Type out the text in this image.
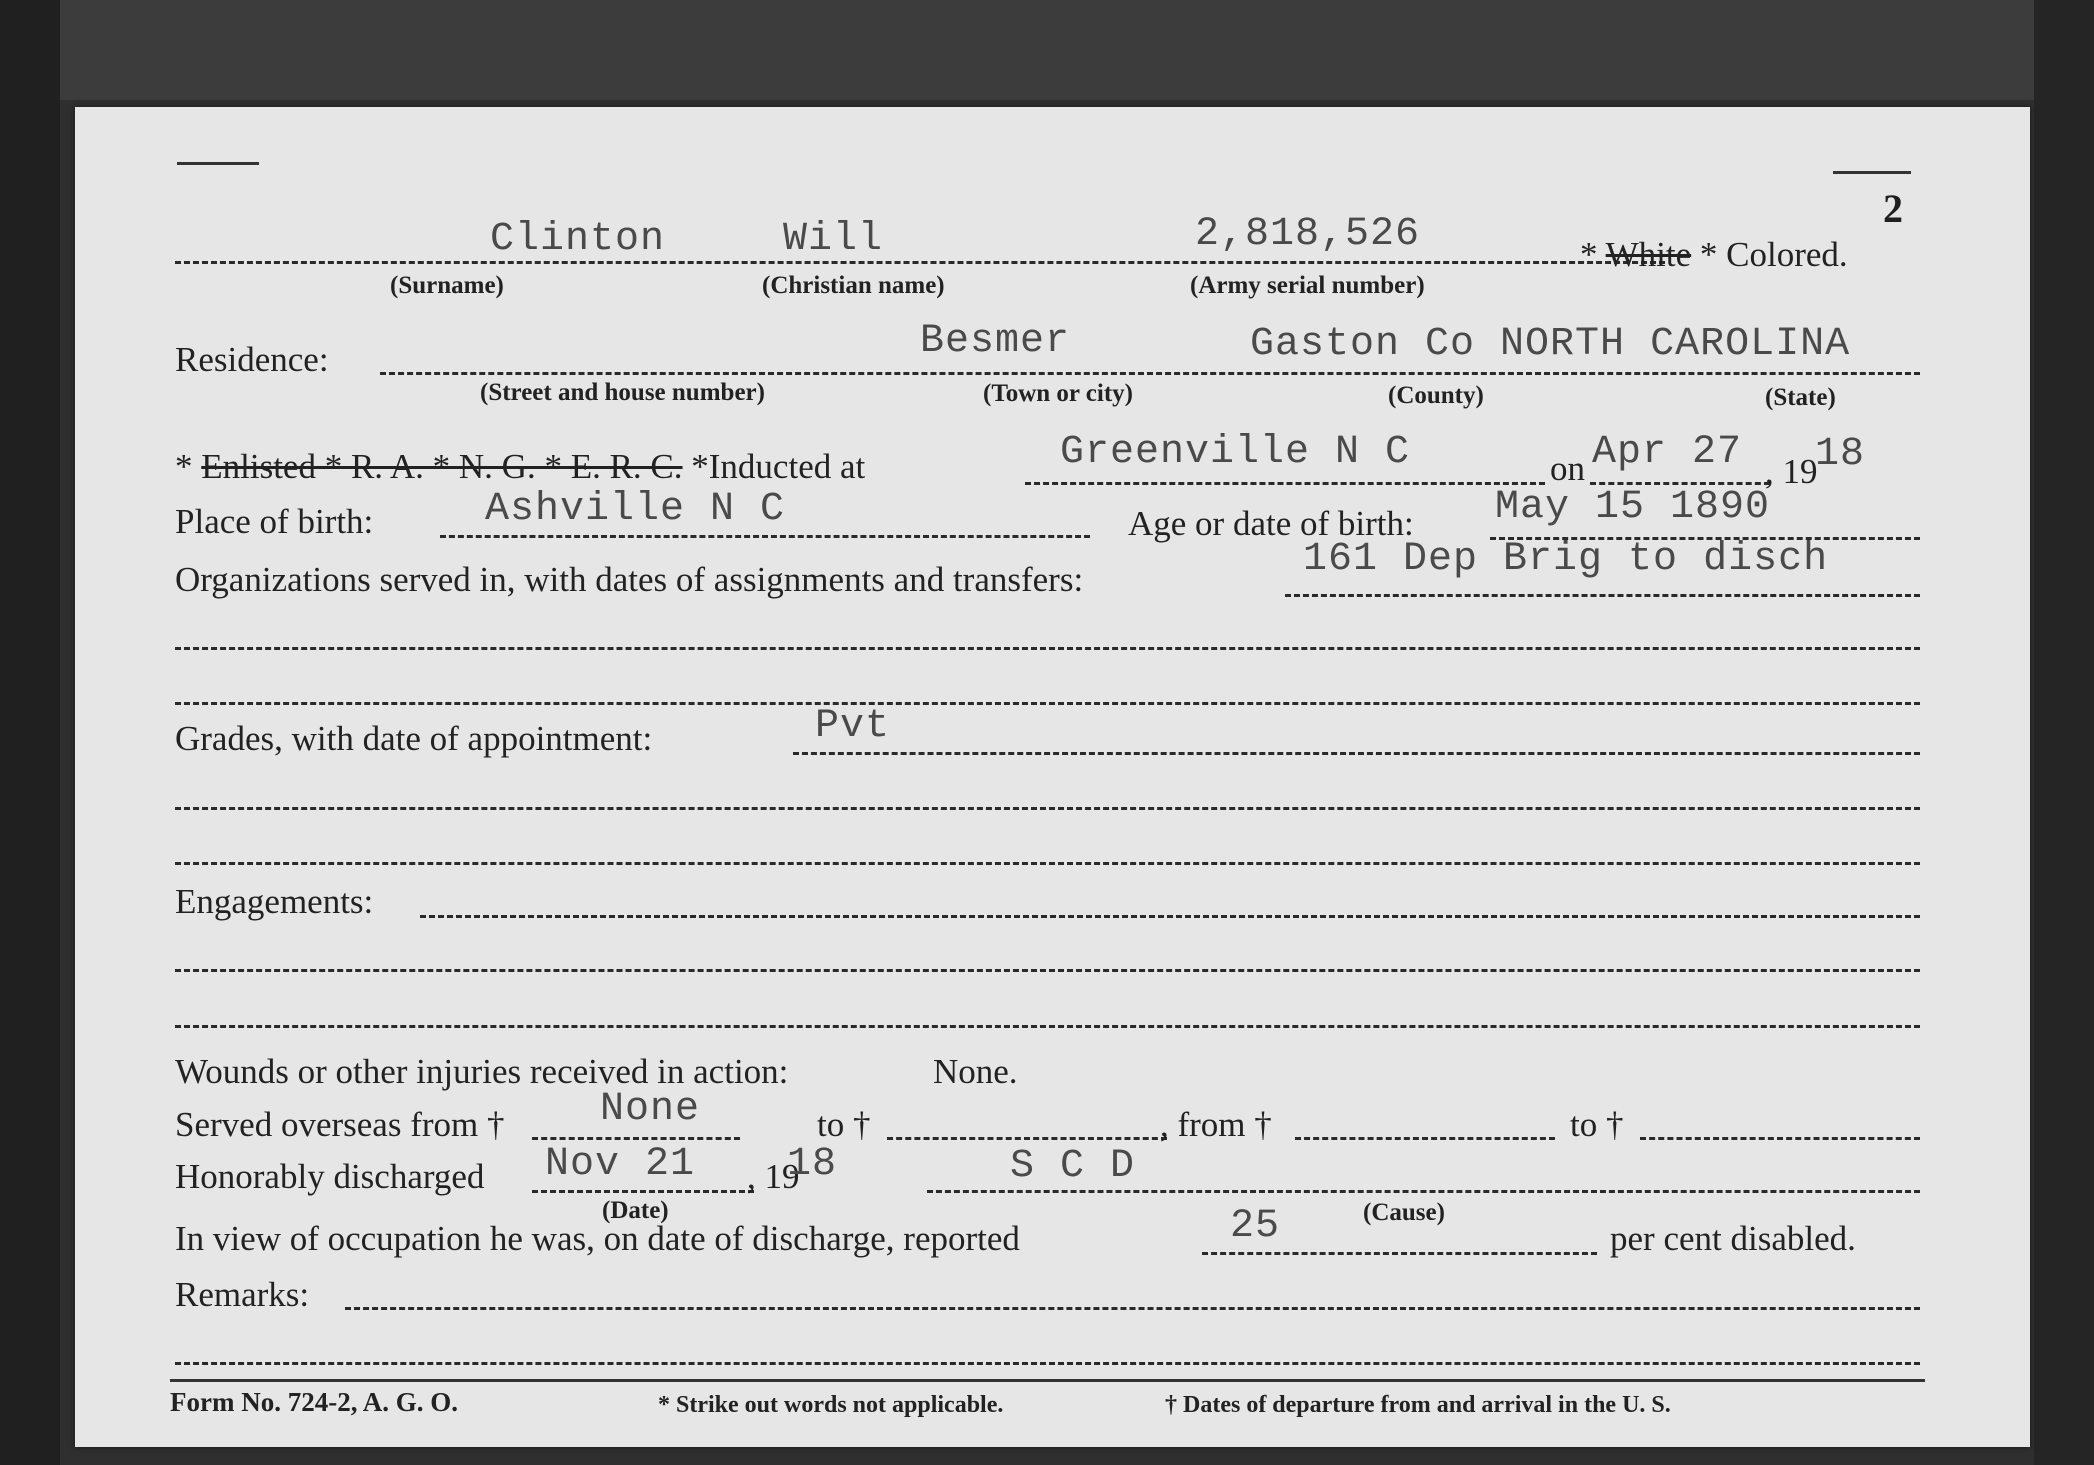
2
Clinton	Will	2,818,526	* White * Colored.
(Surname)	(Christian name)	(Army serial number)
Residence:	Besmer	Gaston Co NORTH CAROLINA
(Street and house number)	(Town or city)	(County)	(State)
* Enlisted * R. A. * N. G. * E. R. C. *Inducted at	Greenville N C	on Apr 27 , 19
18
Place of birth:	Ashville N C	Age or date of birth: May 15 1890
Organizations served in, with dates of assignments and transfers:	161 Dep Brig to disch
Grades, with date of appointment:	Pvt
Engagements:
Wounds or other injuries received in action:	None.
Served overseas from † None	to †	, from †	to †
Honorably discharged Nov 21 , 19
18	S C D
(Date)	(Cause)
In view of occupation he was, on date of discharge, reported	25	per cent disabled.
Remarks:
Form No. 724-2, A. G. O.	* Strike out words not applicable.	† Dates of departure from and arrival in the U. S.
